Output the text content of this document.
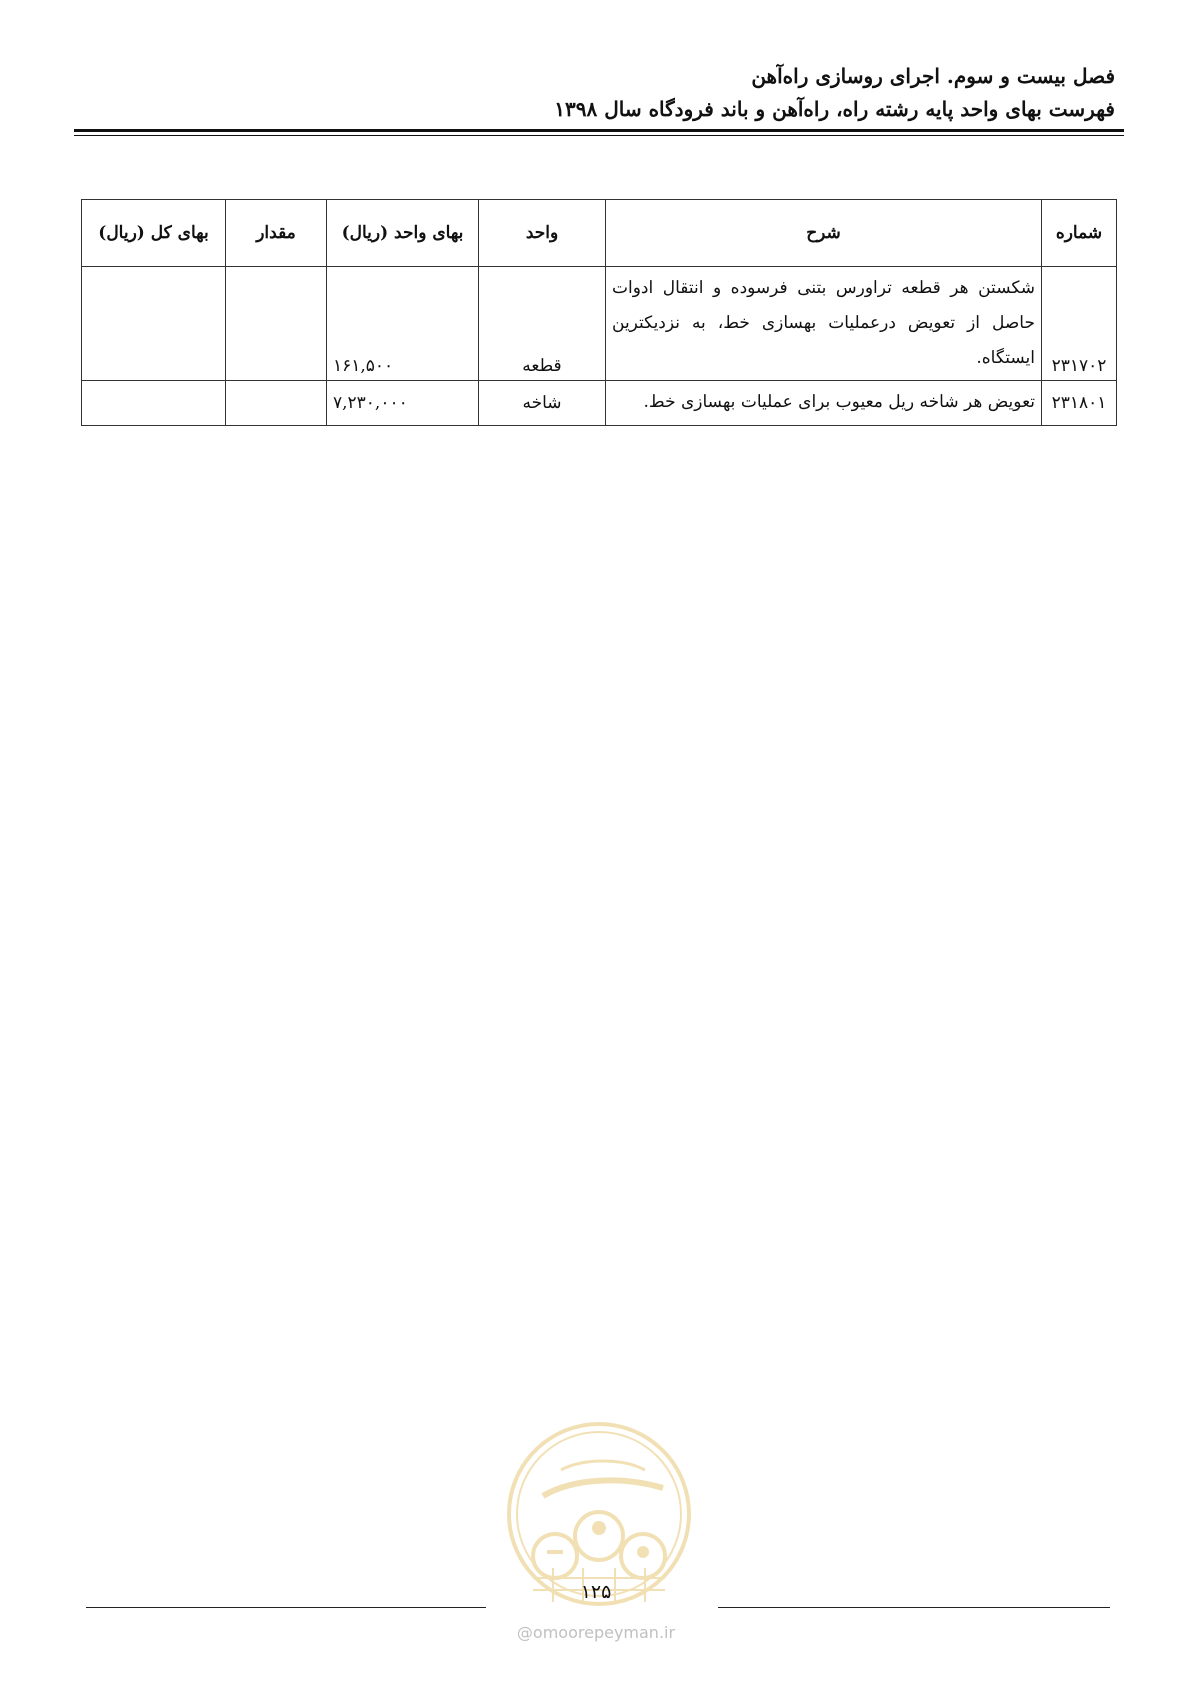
فصل بیست و سوم. اجرای روسازی راه‌آهن
فهرست بهای واحد پایه رشته راه، راه‌آهن و باند فرودگاه سال ۱۳۹۸
شماره	شرح	واحد	بهای واحد (ریال)	مقدار	بهای کل (ریال)
۲۳۱۷۰۲	شکستن هر قطعه تراورس بتنی فرسوده و انتقال ادوات حاصل از تعویض درعملیات بهسازی خط، به نزدیکترین ایستگاه.	قطعه	۱۶۱,۵۰۰		
۲۳۱۸۰۱	تعویض هر شاخه ریل معیوب برای عملیات بهسازی خط.	شاخه	۷,۲۳۰,۰۰۰		
۱۲۵
@omoorepeyman.ir
